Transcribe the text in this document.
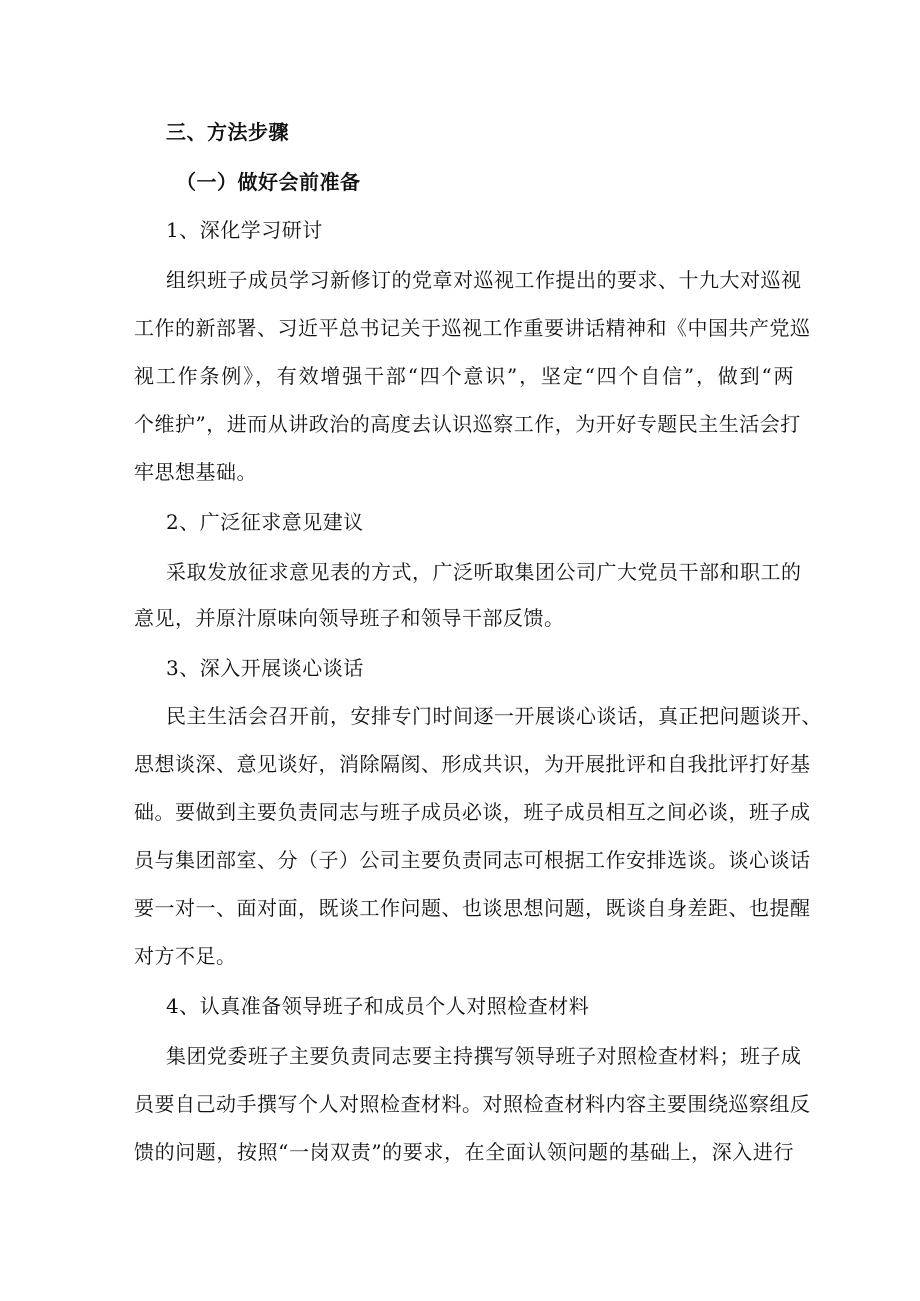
三、方法步骤
（一）做好会前准备
1、深化学习研讨
组织班子成员学习新修订的党章对巡视工作提出的要求、十九大对巡视
工作的新部署、习近平总书记关于巡视工作重要讲话精神和《中国共产党巡
视工作条例》，有效增强干部“四个意识”，坚定“四个自信”，做到“两
个维护”，进而从讲政治的高度去认识巡察工作，为开好专题民主生活会打
牢思想基础。
2、广泛征求意见建议
采取发放征求意见表的方式，广泛听取集团公司广大党员干部和职工的
意见，并原汁原味向领导班子和领导干部反馈。
3、深入开展谈心谈话
民主生活会召开前，安排专门时间逐一开展谈心谈话，真正把问题谈开、
思想谈深、意见谈好，消除隔阂、形成共识，为开展批评和自我批评打好基
础。要做到主要负责同志与班子成员必谈，班子成员相互之间必谈，班子成
员与集团部室、分（子）公司主要负责同志可根据工作安排选谈。谈心谈话
要一对一、面对面，既谈工作问题、也谈思想问题，既谈自身差距、也提醒
对方不足。
4、认真准备领导班子和成员个人对照检查材料
集团党委班子主要负责同志要主持撰写领导班子对照检查材料；班子成
员要自己动手撰写个人对照检查材料。对照检查材料内容主要围绕巡察组反
馈的问题，按照“一岗双责”的要求，在全面认领问题的基础上，深入进行
